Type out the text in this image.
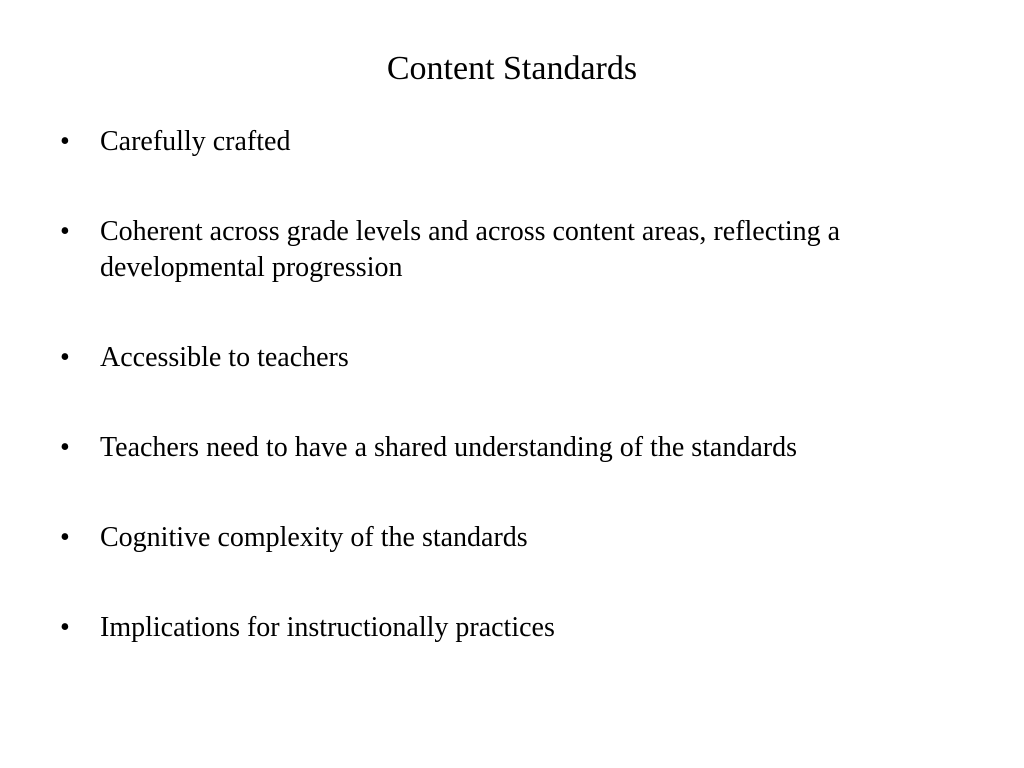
Content Standards
•	Carefully crafted
•	Coherent across grade levels and across content areas, reflecting a developmental progression
•	Accessible to teachers
•	Teachers need to have a shared understanding of the standards
•	Cognitive complexity of the standards
•	Implications for instructionally practices
